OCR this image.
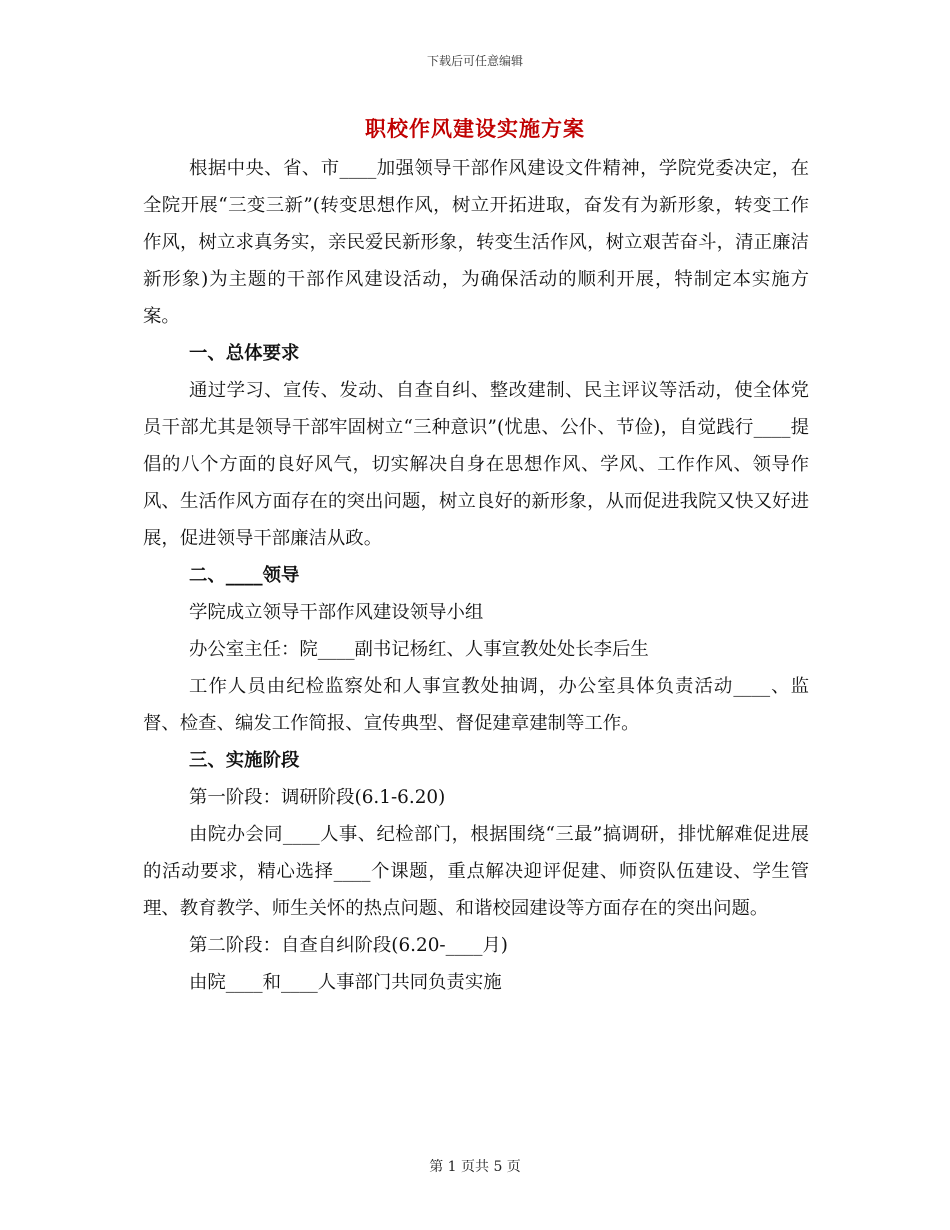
下载后可任意编辑
职校作风建设实施方案

根据中央、省、市____加强领导干部作风建设文件精神，学院党委决定，在全院开展“三变三新”(转变思想作风，树立开拓进取，奋发有为新形象，转变工作作风，树立求真务实，亲民爱民新形象，转变生活作风，树立艰苦奋斗，清正廉洁新形象)为主题的干部作风建设活动，为确保活动的顺利开展，特制定本实施方案。

一、总体要求

通过学习、宣传、发动、自查自纠、整改建制、民主评议等活动，使全体党员干部尤其是领导干部牢固树立“三种意识”(忧患、公仆、节俭)，自觉践行____提倡的八个方面的良好风气，切实解决自身在思想作风、学风、工作作风、领导作风、生活作风方面存在的突出问题，树立良好的新形象，从而促进我院又快又好进展，促进领导干部廉洁从政。

二、____领导

学院成立领导干部作风建设领导小组

办公室主任：院____副书记杨红、人事宣教处处长李后生

工作人员由纪检监察处和人事宣教处抽调，办公室具体负责活动____、监督、检查、编发工作简报、宣传典型、督促建章建制等工作。

三、实施阶段

第一阶段：调研阶段(6.1-6.20)

由院办会同____人事、纪检部门，根据围绕“三最”搞调研，排忧解难促进展的活动要求，精心选择____个课题，重点解决迎评促建、师资队伍建设、学生管理、教育教学、师生关怀的热点问题、和谐校园建设等方面存在的突出问题。

第二阶段：自查自纠阶段(6.20-____月)

由院____和____人事部门共同负责实施

第 1 页共 5 页
